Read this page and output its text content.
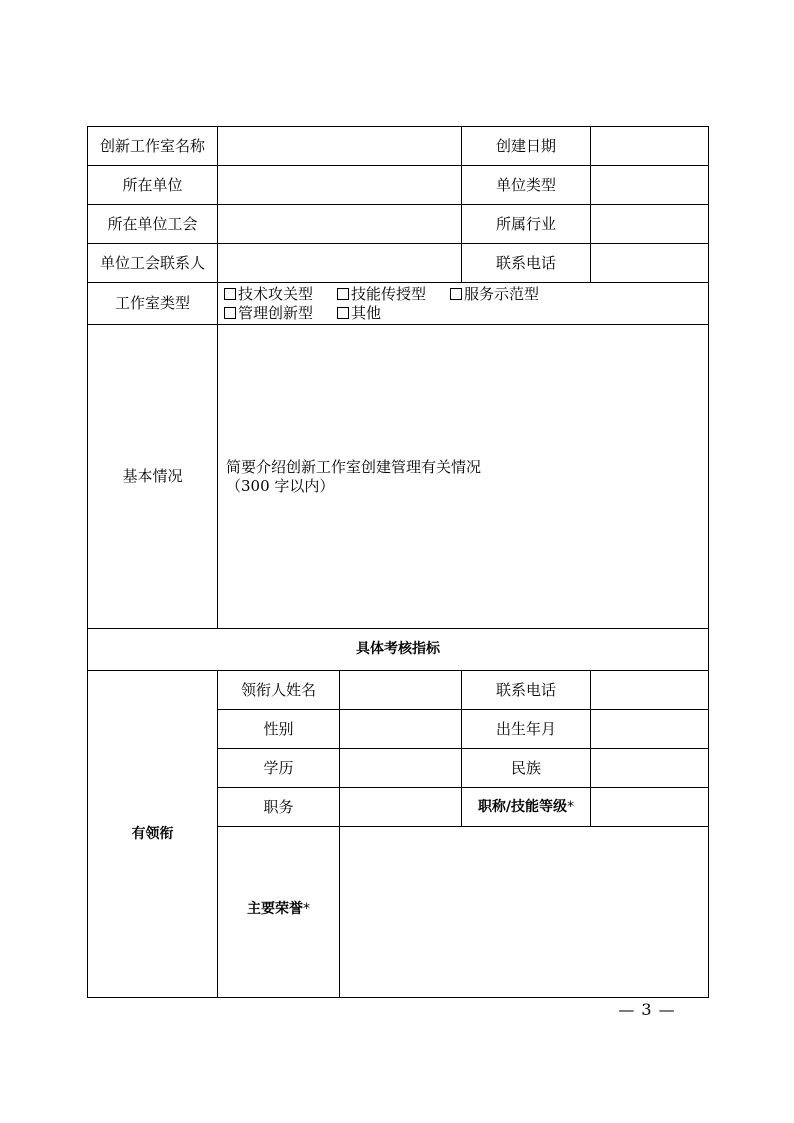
创新工作室名称			创建日期	
所在单位			单位类型	
所在单位工会			所属行业	
单位工会联系人			联系电话	
工作室类型	技术攻关型 技能传授型 服务示范型
管理创新型 其他			

基本情况	简要介绍创新工作室创建管理有关情况
（300 字以内）			

具体考核指标				
有领衔	领衔人姓名		联系电话	
	性别		出生年月	
	学历		民族	
	职务		职称/技能等级*	
	主要荣誉*			
— 3 —
